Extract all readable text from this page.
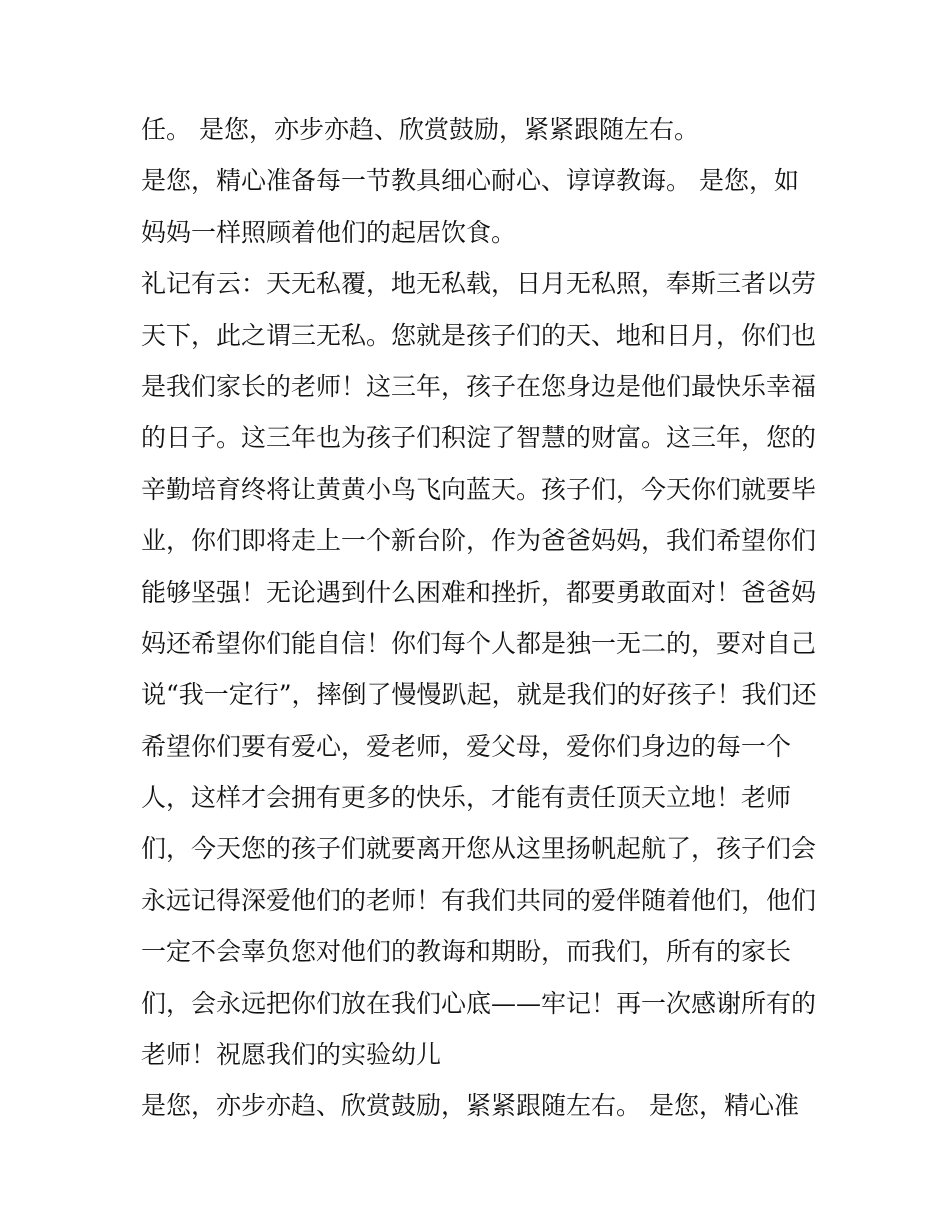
任。 是您，亦步亦趋、欣赏鼓励，紧紧跟随左右。
是您，精心准备每一节教具细心耐心、谆谆教诲。 是您，如
妈妈一样照顾着他们的起居饮食。
礼记有云：天无私覆，地无私载，日月无私照，奉斯三者以劳
天下，此之谓三无私。您就是孩子们的天、地和日月，你们也
是我们家长的老师！这三年，孩子在您身边是他们最快乐幸福
的日子。这三年也为孩子们积淀了智慧的财富。这三年，您的
辛勤培育终将让黄黄小鸟飞向蓝天。孩子们，今天你们就要毕
业，你们即将走上一个新台阶，作为爸爸妈妈，我们希望你们
能够坚强！无论遇到什么困难和挫折，都要勇敢面对！爸爸妈
妈还希望你们能自信！你们每个人都是独一无二的，要对自己
说“我一定行”，摔倒了慢慢趴起，就是我们的好孩子！我们还
希望你们要有爱心，爱老师，爱父母，爱你们身边的每一个
人，这样才会拥有更多的快乐，才能有责任顶天立地！老师
们，今天您的孩子们就要离开您从这里扬帆起航了，孩子们会
永远记得深爱他们的老师！有我们共同的爱伴随着他们，他们
一定不会辜负您对他们的教诲和期盼，而我们，所有的家长
们，会永远把你们放在我们心底——牢记！再一次感谢所有的
老师！祝愿我们的实验幼儿
是您，亦步亦趋、欣赏鼓励，紧紧跟随左右。 是您，精心准
